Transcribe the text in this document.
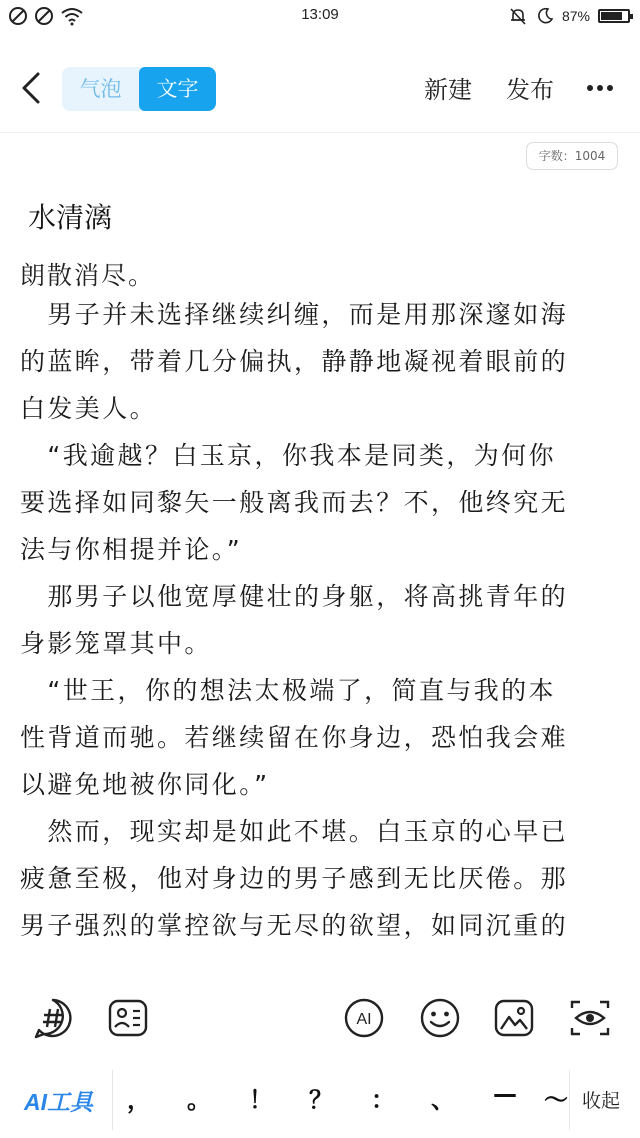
13:09	87%
气泡	文字	新建 发布
字数：1004
水清漓
朗散消尽。
　男子并未选择继续纠缠，而是用那深邃如海
的蓝眸，带着几分偏执，静静地凝视着眼前的
白发美人。
　“我逾越？白玉京，你我本是同类，为何你
要选择如同黎矢一般离我而去？不，他终究无
法与你相提并论。”
　那男子以他宽厚健壮的身躯，将高挑青年的
身影笼罩其中。
　“世王，你的想法太极端了，简直与我的本
性背道而驰。若继续留在你身边，恐怕我会难
以避免地被你同化。”
　然而，现实却是如此不堪。白玉京的心早已
疲惫至极，他对身边的男子感到无比厌倦。那
男子强烈的掌控欲与无尽的欲望，如同沉重的
AI
AI工具	，	。	！	？	：	、	—	～ 收起
